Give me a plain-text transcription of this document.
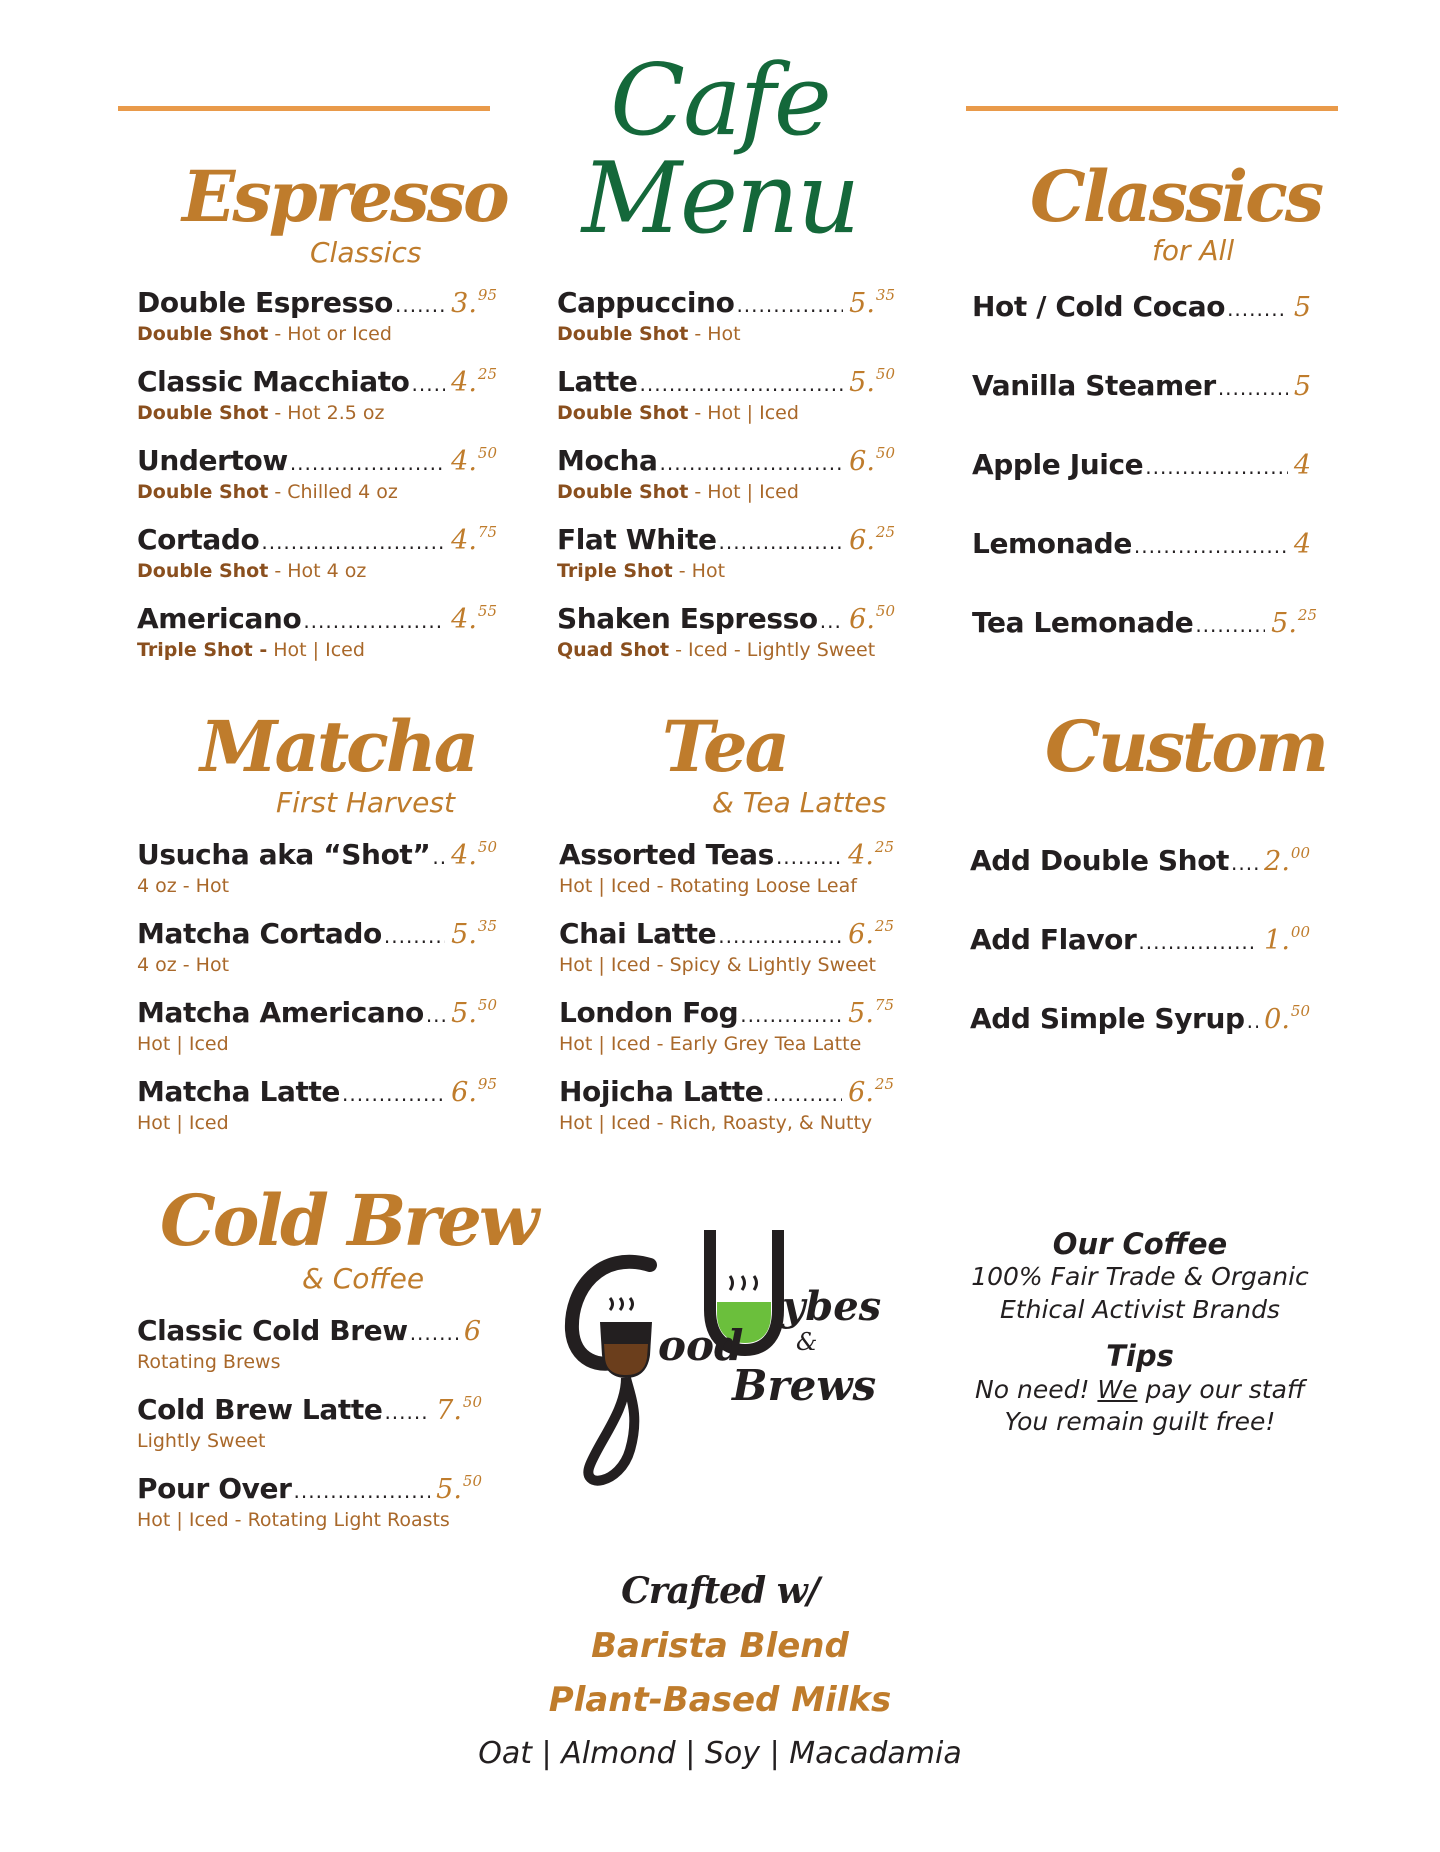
Cafe Menu
Espresso
Classics
Double Espresso ..... 3.95
Double Shot - Hot or Iced
Classic Macchiato ..... 4.25
Double Shot - Hot 2.5 oz
Undertow .....	4.50
Double Shot - Chilled 4 oz
Cortado .....	4.75
Double Shot - Hot 4 oz
Americano .....	4.55
Triple Shot - Hot | Iced
Cappuccino .....	5.35
Double Shot - Hot
Latte .....	5.50
Double Shot - Hot | Iced
Mocha .....	6.50
Double Shot - Hot | Iced
Flat White .....	6.25
Triple Shot - Hot
Shaken Espresso ..... 6.50
Quad Shot - Iced - Lightly Sweet
Classics
for All
Hot / Cold Cocao .....	5
Vanilla Steamer .....	5
Apple Juice .....	4
Lemonade .....	4
Tea Lemonade .....	5.25
Matcha
First Harvest
Usucha aka “Shot” ..... 4.50
4 oz - Hot
Matcha Cortado .....	5.35
4 oz - Hot
Matcha Americano ..... 5.50
Hot | Iced
Matcha Latte .....	6.95
Hot | Iced
Tea
& Tea Lattes
Assorted Teas .....	4.25
Hot | Iced - Rotating Loose Leaf
Chai Latte .....	6.25
Hot | Iced - Spicy & Lightly Sweet
London Fog .....	5.75
Hot | Iced - Early Grey Tea Latte
Hojicha Latte .....	6.25
Hot | Iced - Rich, Roasty, & Nutty
Custom
Add Double Shot ..... 2.00
Add Flavor .....	1.00
Add Simple Syrup ..... 0.50
Cold Brew
& Coffee
Classic Cold Brew ..... 6
Rotating Brews
Cold Brew Latte ..... 7.50
Lightly Sweet
Pour Over .....	5.50
Hot | Iced - Rotating Light Roasts
ood
ybes
&
Brews
Our Coffee
100% Fair Trade & Organic
Ethical Activist Brands
Tips
No need! We pay our staff
You remain guilt free!
Crafted w/
Barista Blend
Plant-Based Milks
Oat | Almond | Soy | Macadamia
